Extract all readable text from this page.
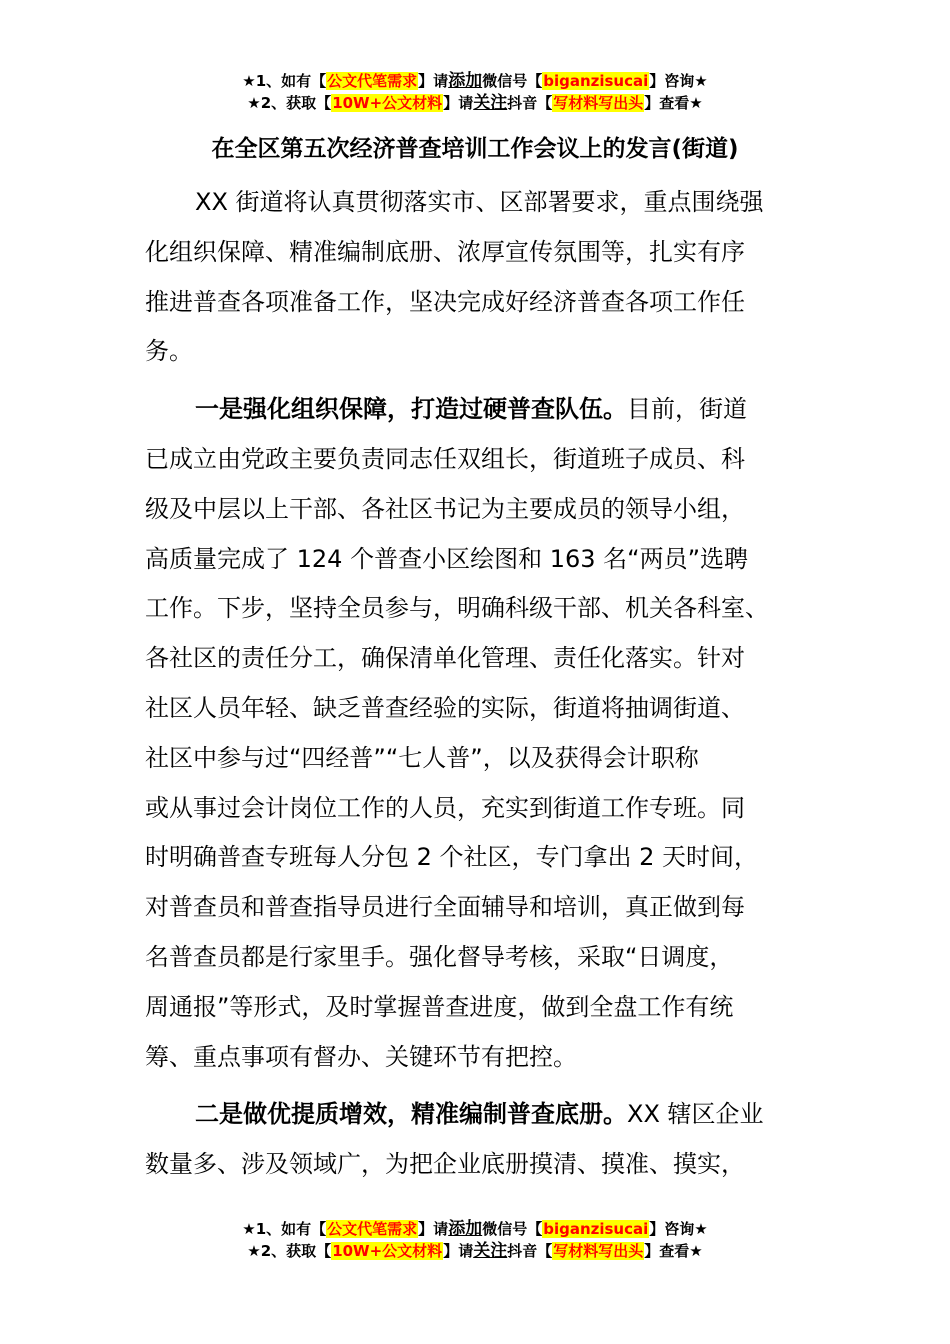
★1、如有【公文代笔需求】请添加微信号【biganzisucai】咨询★
★2、获取【10W+公文材料】请关注抖音【写材料写出头】查看★
在全区第五次经济普查培训工作会议上的发言(街道)
XX 街道将认真贯彻落实市、区部署要求，重点围绕强
化组织保障、精准编制底册、浓厚宣传氛围等，扎实有序
推进普查各项准备工作，坚决完成好经济普查各项工作任
务。
一是强化组织保障，打造过硬普查队伍。目前，街道
已成立由党政主要负责同志任双组长，街道班子成员、科
级及中层以上干部、各社区书记为主要成员的领导小组，
高质量完成了 124 个普查小区绘图和 163 名“两员”选聘
工作。下步，坚持全员参与，明确科级干部、机关各科室、
各社区的责任分工，确保清单化管理、责任化落实。针对
社区人员年轻、缺乏普查经验的实际，街道将抽调街道、
社区中参与过“四经普”“七人普”，以及获得会计职称
或从事过会计岗位工作的人员，充实到街道工作专班。同
时明确普查专班每人分包 2 个社区，专门拿出 2 天时间，
对普查员和普查指导员进行全面辅导和培训，真正做到每
名普查员都是行家里手。强化督导考核，采取“日调度，
周通报”等形式，及时掌握普查进度，做到全盘工作有统
筹、重点事项有督办、关键环节有把控。
二是做优提质增效，精准编制普查底册。XX 辖区企业
数量多、涉及领域广，为把企业底册摸清、摸准、摸实，
★1、如有【公文代笔需求】请添加微信号【biganzisucai】咨询★
★2、获取【10W+公文材料】请关注抖音【写材料写出头】查看★
